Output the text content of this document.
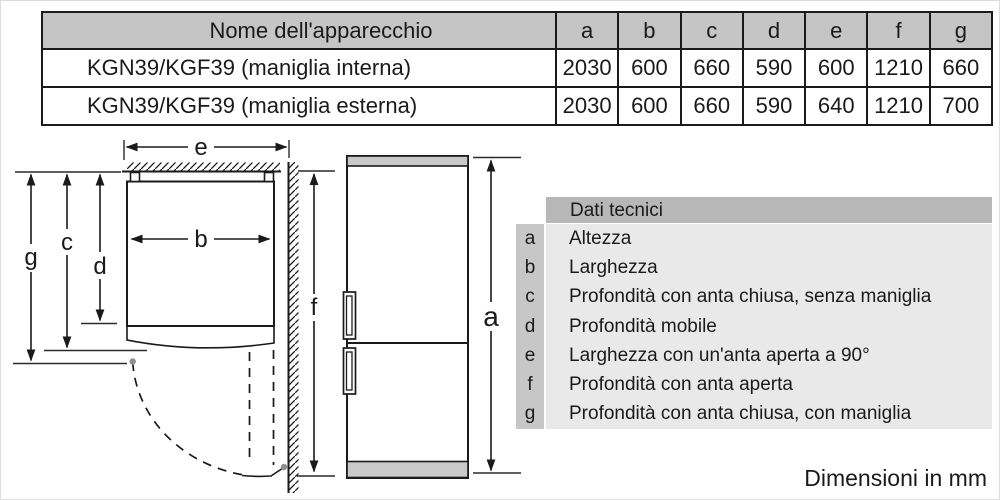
Nome dell'apparecchio	a	b	c	d	e	f	g
KGN39/KGF39 (maniglia interna)	2030	600	660	590	600	1210	660
KGN39/KGF39 (maniglia esterna)	2030	600	660	590	640	1210	700
e
b
g
c
d
f	a
Dati tecnici
a	Altezza
b	Larghezza
c	Profondità con anta chiusa, senza maniglia
d	Profondità mobile
e	Larghezza con un'anta aperta a 90°
f	Profondità con anta aperta
g	Profondità con anta chiusa, con maniglia
Dimensioni in mm
